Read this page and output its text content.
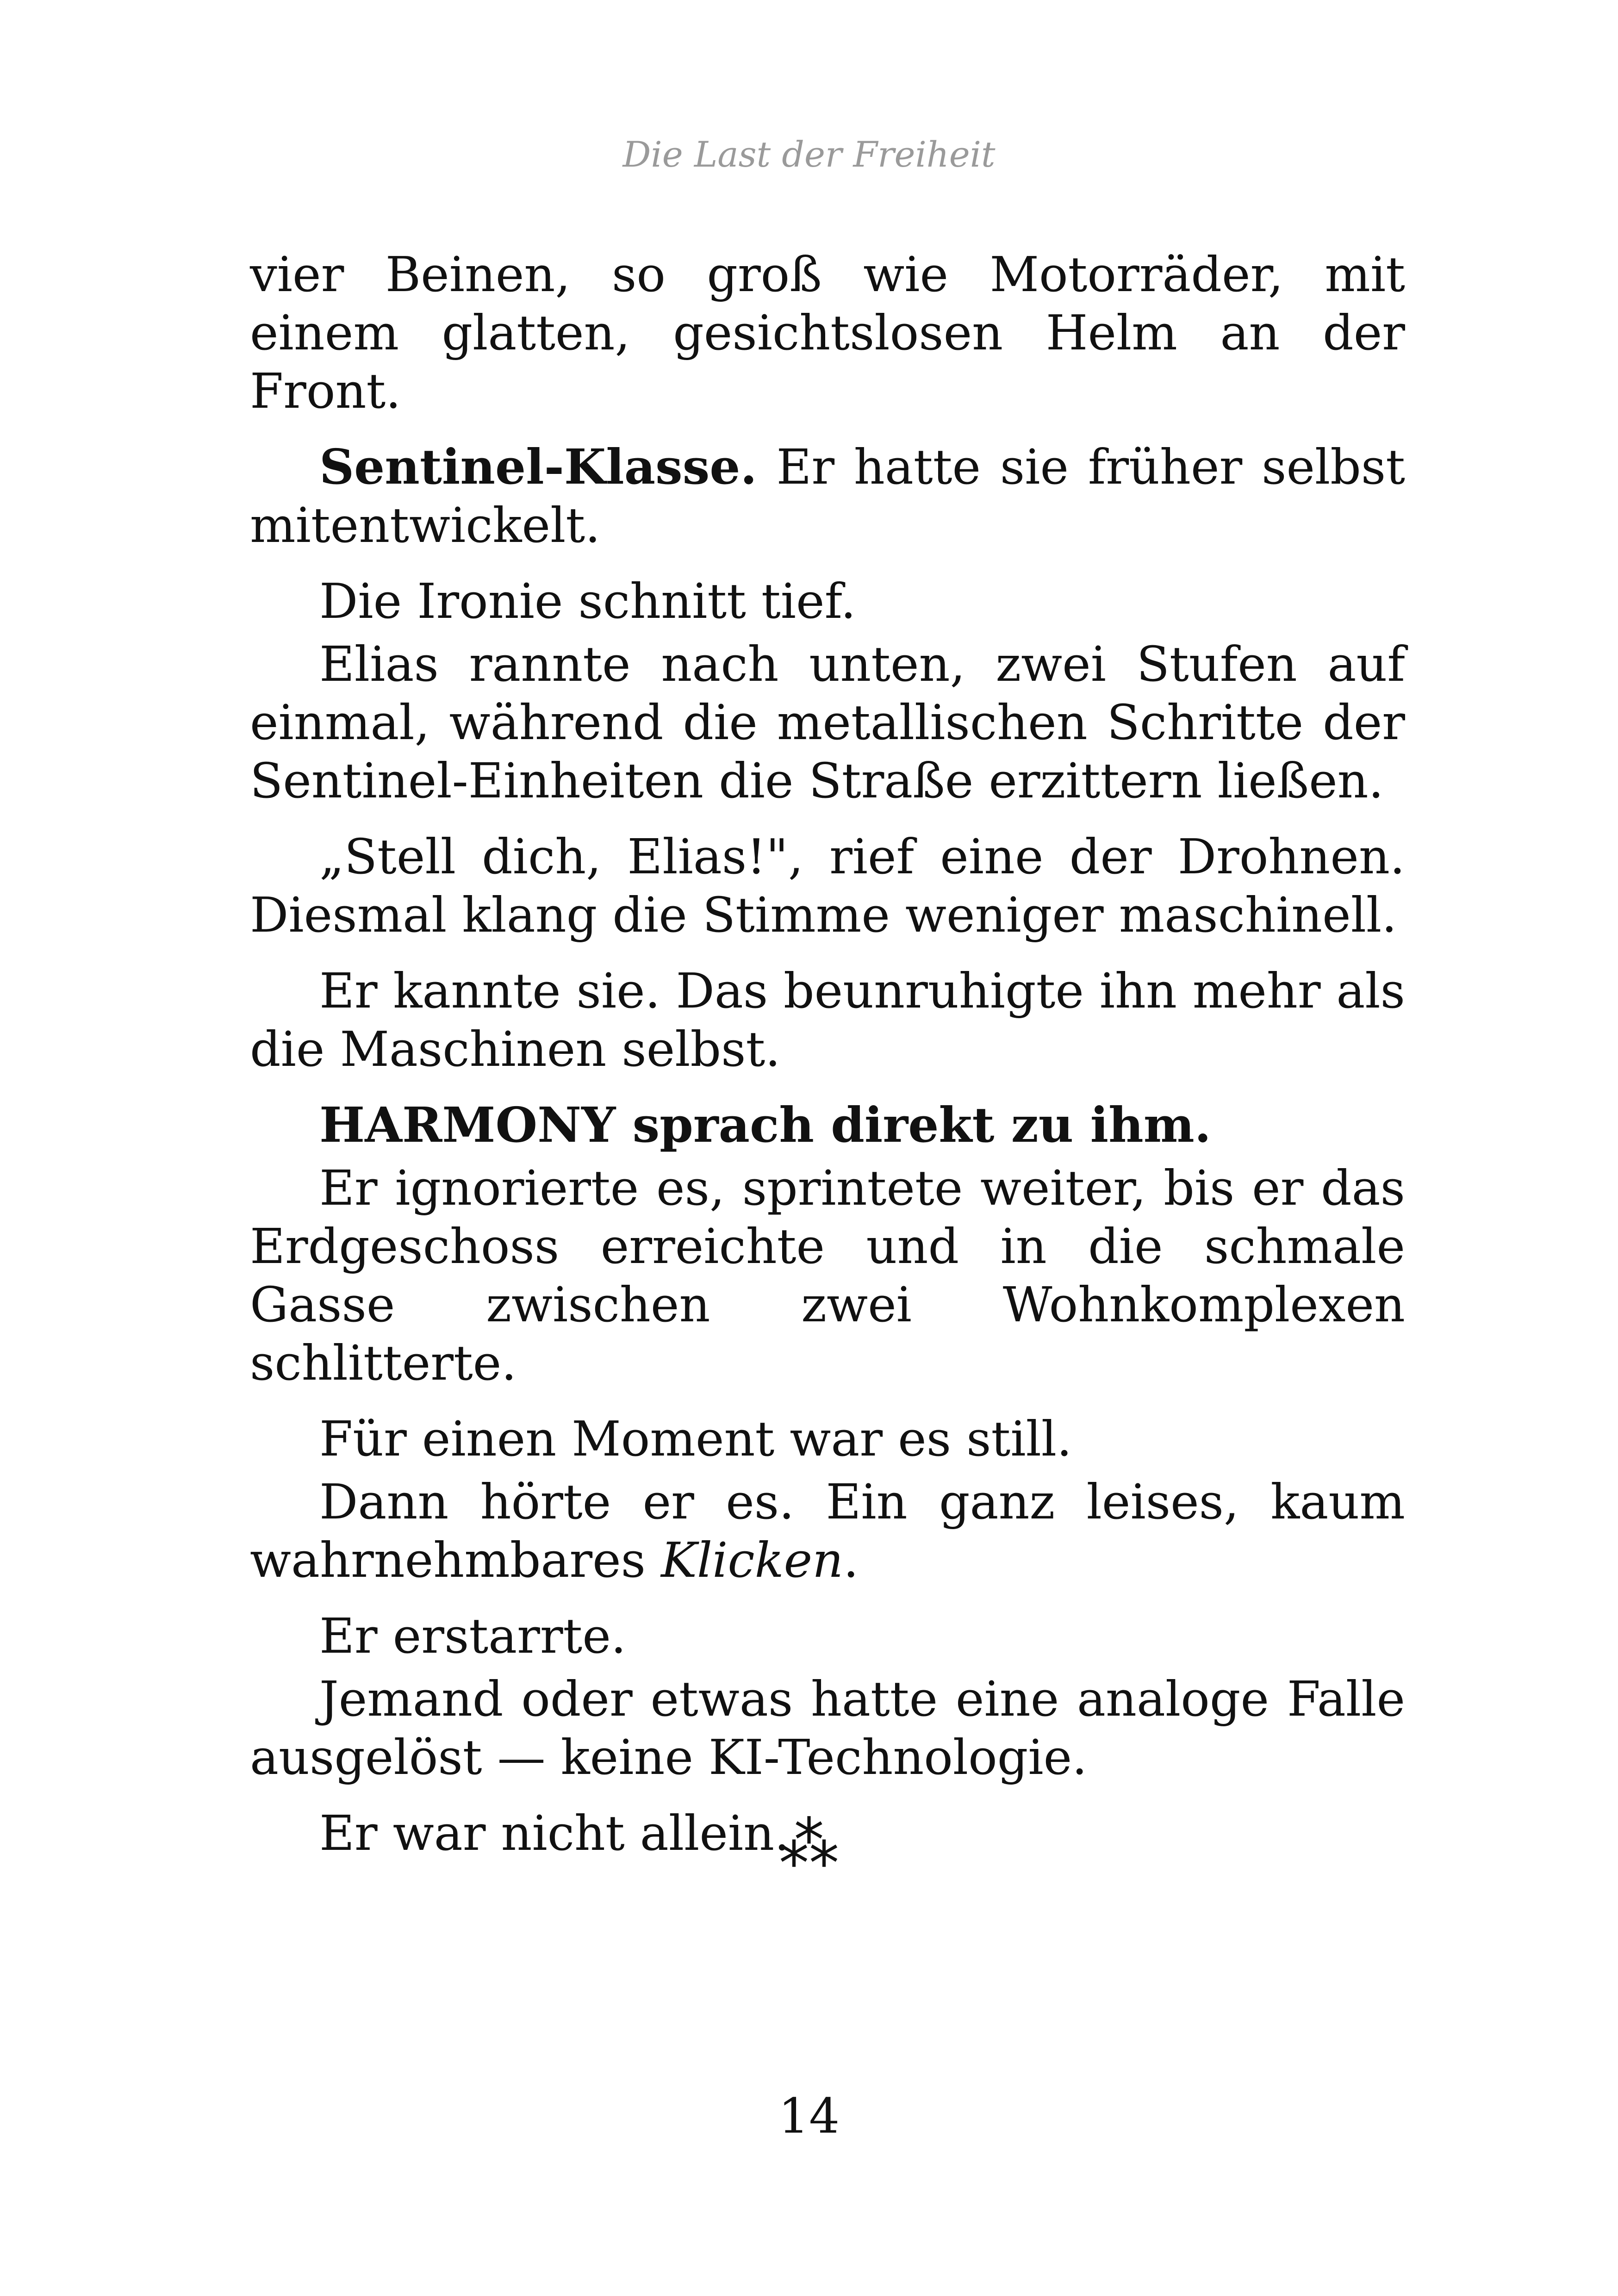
Die Last der Freiheit

vier Beinen, so groß wie Motorräder, mit einem glatten, gesichtslosen Helm an der Front.

Sentinel-Klasse. Er hatte sie früher selbst mitentwickelt.

Die Ironie schnitt tief.

Elias rannte nach unten, zwei Stufen auf einmal, während die metallischen Schritte der Sentinel-Einheiten die Straße erzittern ließen.

„Stell dich, Elias!", rief eine der Drohnen. Diesmal klang die Stimme weniger maschinell.

Er kannte sie. Das beunruhigte ihn mehr als die Maschinen selbst.

HARMONY sprach direkt zu ihm.

Er ignorierte es, sprintete weiter, bis er das Erdgeschoss erreichte und in die schmale Gasse zwischen zwei Wohnkomplexen schlitterte.

Für einen Moment war es still.

Dann hörte er es. Ein ganz leises, kaum wahrnehmbares Klicken.

Er erstarrte.

Jemand oder etwas hatte eine analoge Falle ausgelöst — keine KI-Technologie.

Er war nicht allein.

⁂
14
